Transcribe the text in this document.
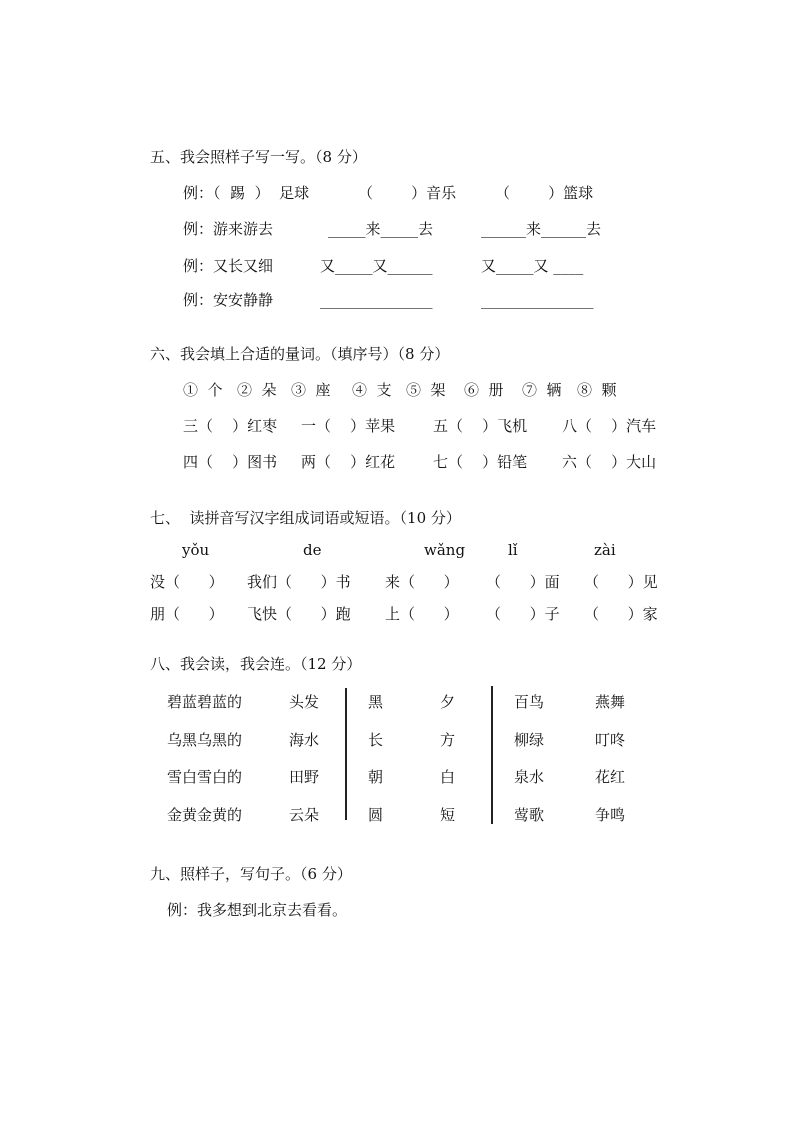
五、我会照样子写一写。（8 分）
例：（  踢  ）  足球	（        ）音乐	（        ）篮球
例：游来游去	_____来_____去	______来______去
例：又长又细	又_____又______	又_____又 ____
例：安安静静	_______________	_______________
六、我会填上合适的量词。（填序号）（8 分）
①  个 ②  朵 ③  座 ④  支 ⑤  架 ⑥  册 ⑦  辆 ⑧  颗
三（    ）红枣 一（    ）苹果	五（    ）飞机 八（    ）汽车
四（    ）图书 两（    ）红花	七（    ）铅笔 六（    ）大山
七、  读拼音写汉字组成词语或短语。（10 分）
yǒu	de	wǎng	lǐ	zài
没（      ） 我们（      ）书 来（      ） （      ）面 （      ）见
朋（      ） 飞快（      ）跑 上（      ） （      ）子 （      ）家
八、我会读，我会连。（12 分）
碧蓝碧蓝的	头发	黑	夕	百鸟	燕舞
乌黑乌黑的	海水	长	方	柳绿	叮咚
雪白雪白的	田野	朝	白	泉水	花红
金黄金黄的	云朵	圆	短	莺歌	争鸣
九、照样子，写句子。（6 分）
例：我多想到北京去看看。
